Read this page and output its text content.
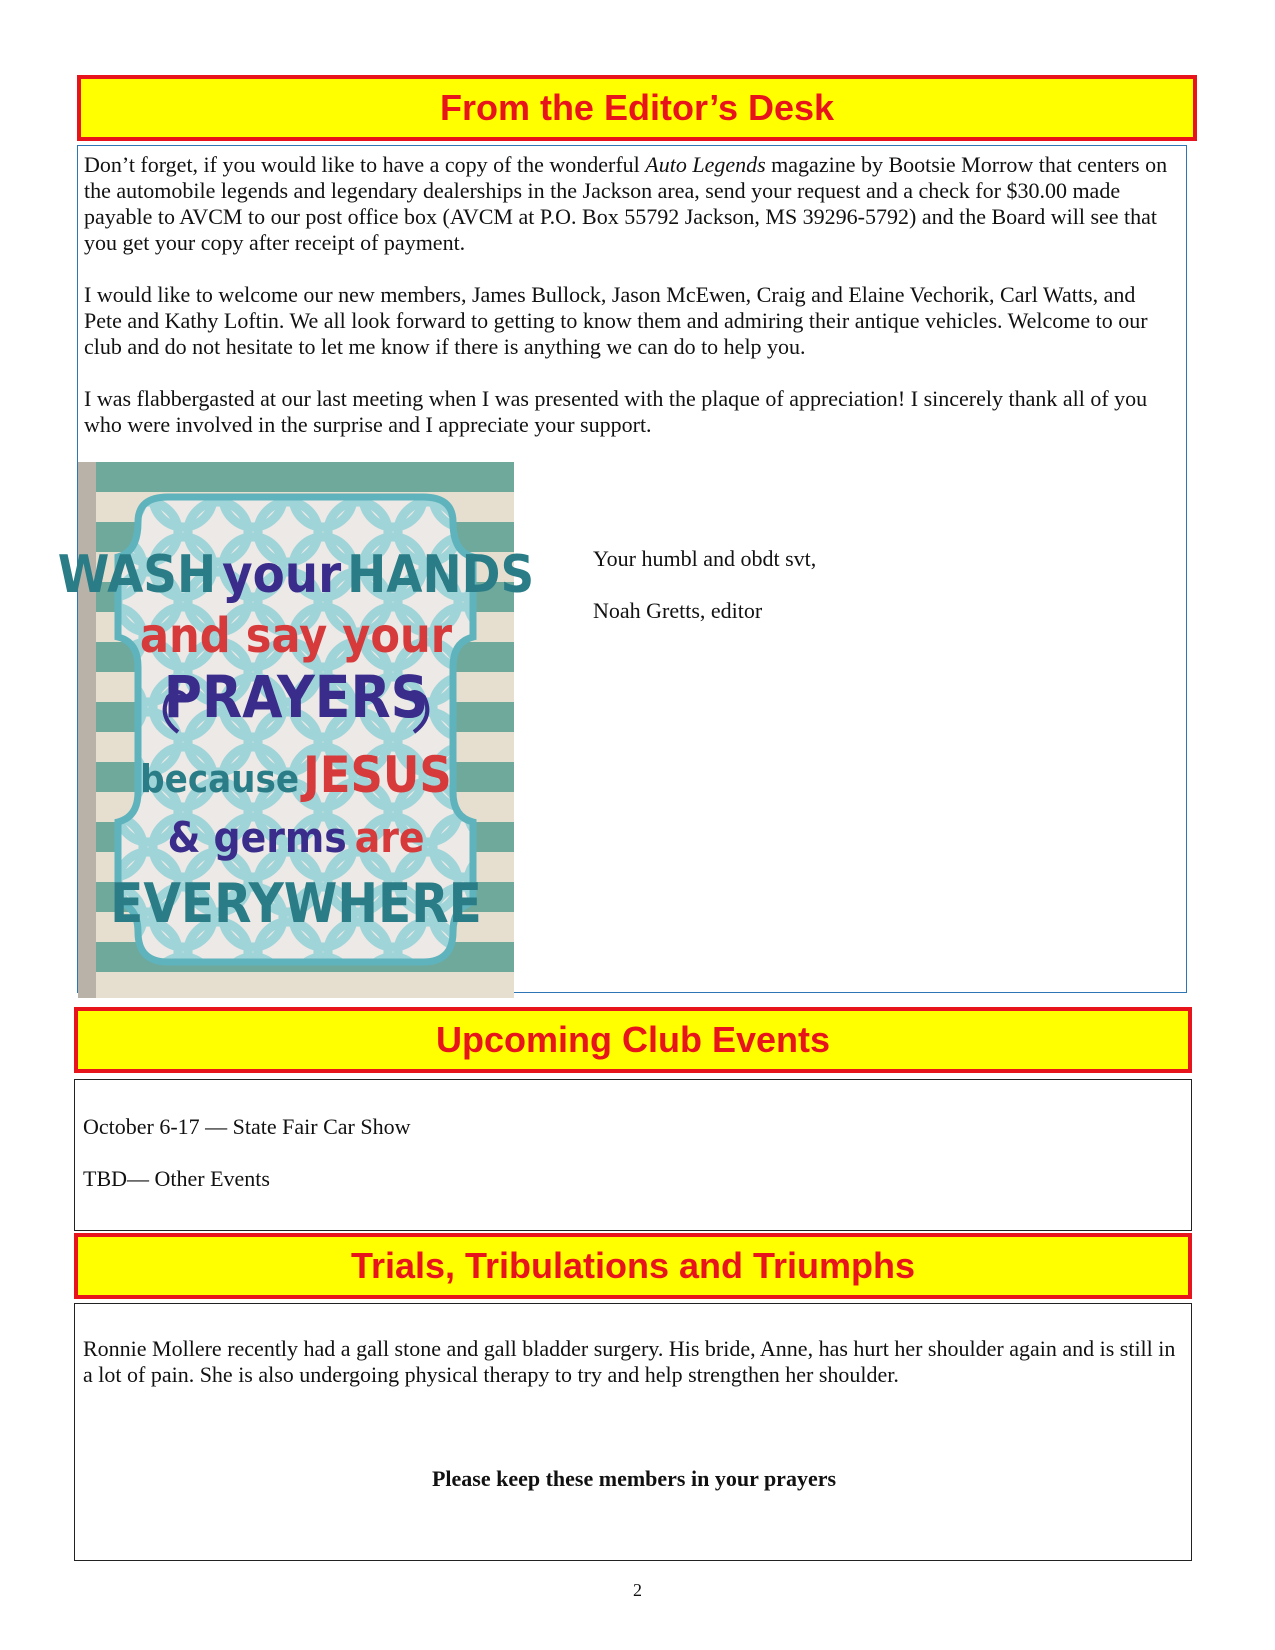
From the Editor’s Desk

Don’t forget, if you would like to have a copy of the wonderful Auto Legends magazine by Bootsie Morrow that centers on the automobile legends and legendary dealerships in the Jackson area, send your request and a check for $30.00 made payable to AVCM to our post office box (AVCM at P.O. Box 55792 Jackson, MS 39296-5792) and the Board will see that you get your copy after receipt of payment.

I would like to welcome our new members, James Bullock, Jason McEwen, Craig and Elaine Vechorik, Carl Watts, and Pete and Kathy Loftin. We all look forward to getting to know them and admiring their antique vehicles. Welcome to our club and do not hesitate to let me know if there is anything we can do to help you.

I was flabbergasted at our last meeting when I was presented with the plaque of appreciation! I sincerely thank all of you who were involved in the surprise and I appreciate your support.

WASH your HANDS
and say your
PRAYERS
becauseJESUS
& germs are
EVERYWHERE
Your humbl and obdt svt,
Noah Gretts, editor
Upcoming Club Events
October 6-17 — State Fair Car Show
TBD— Other Events
Trials, Tribulations and Triumphs

Ronnie Mollere recently had a gall stone and gall bladder surgery. His bride, Anne, has hurt her shoulder again and is still in a lot of pain. She is also undergoing physical therapy to try and help strengthen her shoulder.

Please keep these members in your prayers
2
